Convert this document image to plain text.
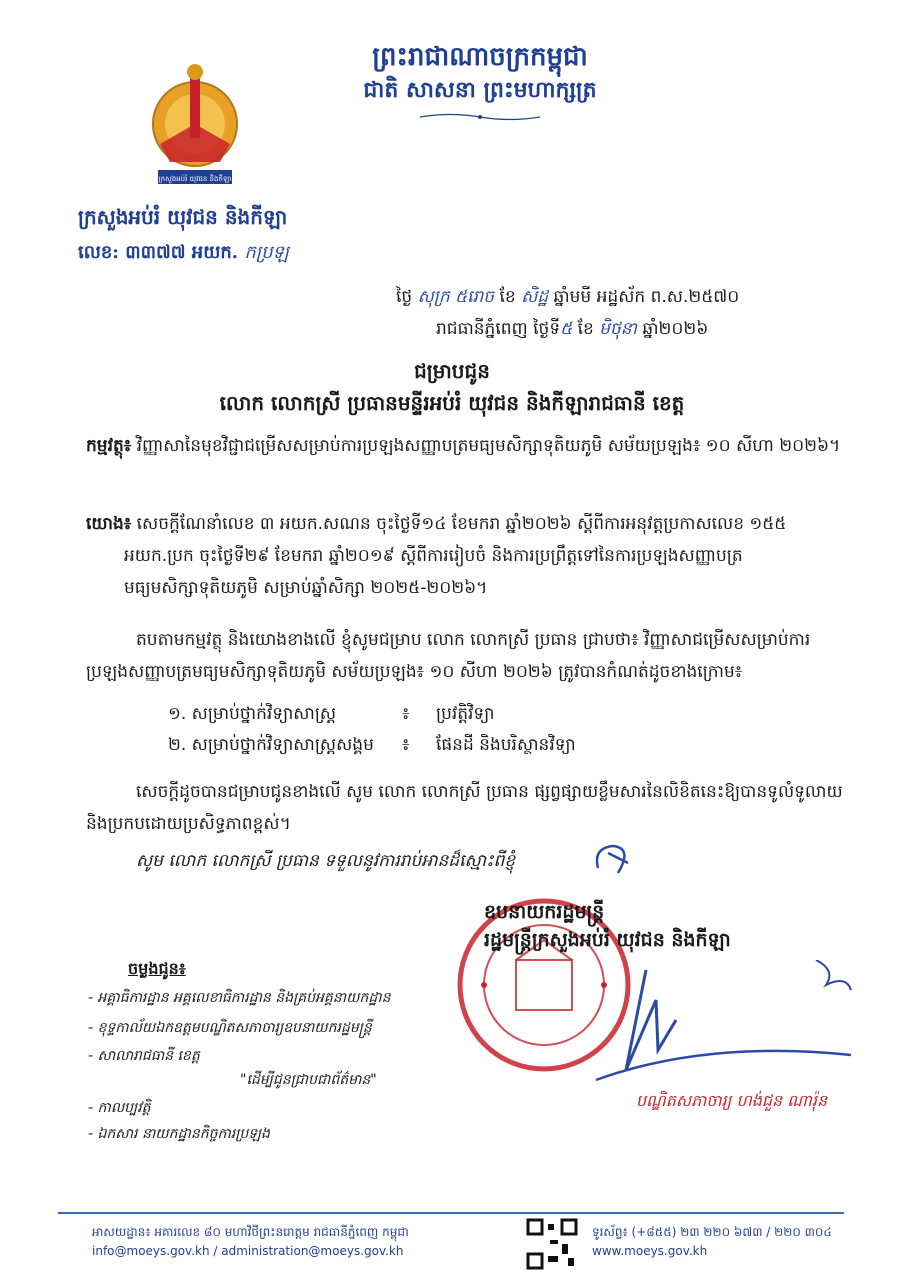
ព្រះរាជាណាចក្រកម្ពុជា
ជាតិ សាសនា ព្រះមហាក្សត្រ
ក្រសួងអប់រំ យុវជន និងកីឡា
ក្រសួងអប់រំ យុវជន និងកីឡា
លេខ: ៣៣៧៧ អយក. កប្រឡ
ថ្ងៃ សុក្រ ៥រោច ខែ សិដ្ឋ ឆ្នាំមមី អដ្ឋស័ក ព.ស.២៥៧០
រាជធានីភ្នំពេញ ថ្ងៃទី៥ ខែ មិថុនា ឆ្នាំ២០២៦
ជម្រាបជូន
លោក លោកស្រី ប្រធានមន្ទីរអប់រំ យុវជន និងកីឡារាជធានី ខេត្ត
កម្មវត្ថុ៖ វិញ្ញាសានៃមុខវិជ្ជាជម្រើសសម្រាប់ការប្រឡងសញ្ញាបត្រមធ្យមសិក្សាទុតិយភូមិ សម័យប្រឡង៖ ១០ សីហា ២០២៦។
យោង៖ សេចក្តីណែនាំលេខ ៣ អយក.សណន ចុះថ្ងៃទី១៤ ខែមករា ឆ្នាំ២០២៦ ស្តីពីការអនុវត្តប្រកាសលេខ ១៥៥
អយក.ប្រក ចុះថ្ងៃទី២៩ ខែមករា ឆ្នាំ២០១៩ ស្តីពីការរៀបចំ និងការប្រព្រឹត្តទៅនៃការប្រឡងសញ្ញាបត្រ
មធ្យមសិក្សាទុតិយភូមិ សម្រាប់ឆ្នាំសិក្សា ២០២៥-២០២៦។
តបតាមកម្មវត្ថុ និងយោងខាងលើ ខ្ញុំសូមជម្រាប លោក លោកស្រី ប្រធាន ជ្រាបថា៖ វិញ្ញាសាជម្រើសសម្រាប់ការប្រឡងសញ្ញាបត្រមធ្យមសិក្សាទុតិយភូមិ សម័យប្រឡង៖ ១០ សីហា ២០២៦ ត្រូវបានកំណត់ដូចខាងក្រោម៖
១. សម្រាប់ថ្នាក់វិទ្យាសាស្ត្រ	៖ ប្រវត្តិវិទ្យា
២. សម្រាប់ថ្នាក់វិទ្យាសាស្ត្រសង្គម ៖ ផែនដី និងបរិស្ថានវិទ្យា
សេចក្តីដូចបានជម្រាបជូនខាងលើ សូម លោក លោកស្រី ប្រធាន ផ្សព្វផ្សាយខ្លឹមសារនៃលិខិតនេះឱ្យបានទូលំទូលាយ និងប្រកបដោយប្រសិទ្ធភាពខ្ពស់។
សូម លោក លោកស្រី ប្រធាន ទទួលនូវការរាប់អានដ៏ស្មោះពីខ្ញុំ
ឧបនាយករដ្ឋមន្ត្រី
រដ្ឋមន្ត្រីក្រសួងអប់រំ យុវជន និងកីឡា
បណ្ឌិតសភាចារ្យ ហង់ជួន ណារ៉ុន
ចម្លងជូន៖
- អគ្គាធិការដ្ឋាន អគ្គលេខាធិការដ្ឋាន និងគ្រប់អគ្គនាយកដ្ឋាន
- ខុទ្ទកាល័យឯកឧត្តមបណ្ឌិតសភាចារ្យឧបនាយករដ្ឋមន្ត្រី
- សាលារាជធានី ខេត្ត
"ដើម្បីជូនជ្រាបជាព័ត៌មាន"
- កាលប្បវត្តិ
- ឯកសារ នាយកដ្ឋានកិច្ចការប្រឡង
អាសយដ្ឋាន៖ អគារលេខ ៨០ មហាវិថីព្រះនរោត្តម រាជធានីភ្នំពេញ កម្ពុជា
info@moeys.gov.kh / administration@moeys.gov.kh
ទូរស័ព្ទ៖ (+៨៥៥) ២៣ ២២០ ៦៧៣ / ២២០ ៣០៤
www.moeys.gov.kh
